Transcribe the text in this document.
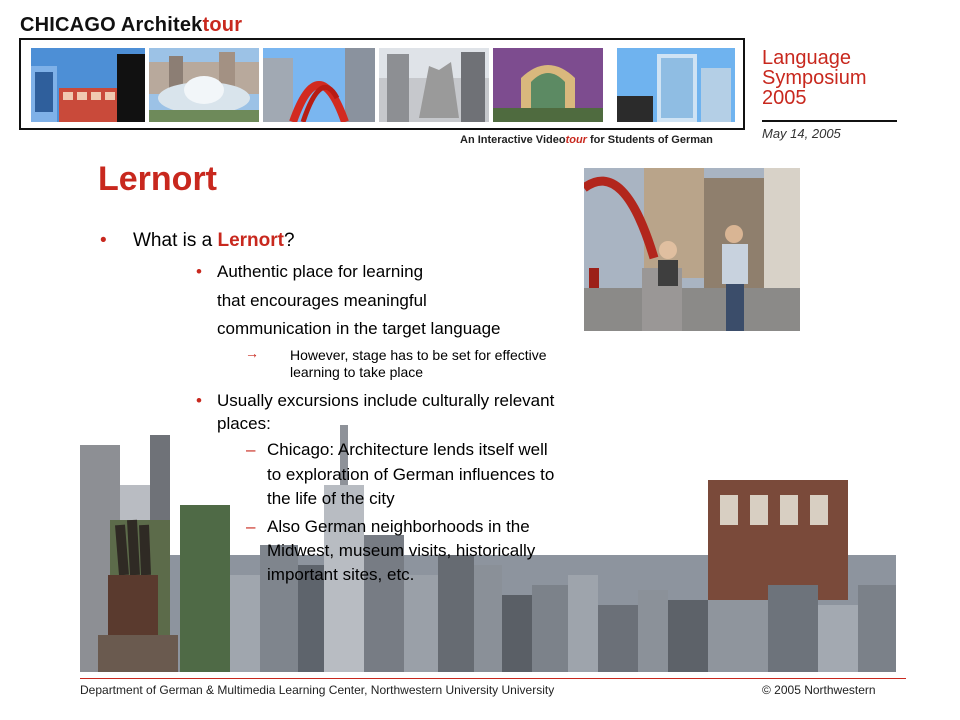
CHICAGO Architektour
An Interactive Videotour for Students of German
Language
Symposium
2005
May 14, 2005
Lernort
• What is a Lernort?
• Authentic place for learning
that encourages meaningful
communication in the target language
→ However, stage has to be set for effective
learning to take place
• Usually excursions include culturally relevant
places:
– Chicago: Architecture lends itself well
to exploration of German influences to
the life of the city
– Also German neighborhoods in the
Midwest, museum visits, historically
important sites, etc.
Department of German & Multimedia Learning Center, Northwestern University University	© 2005 Northwestern
